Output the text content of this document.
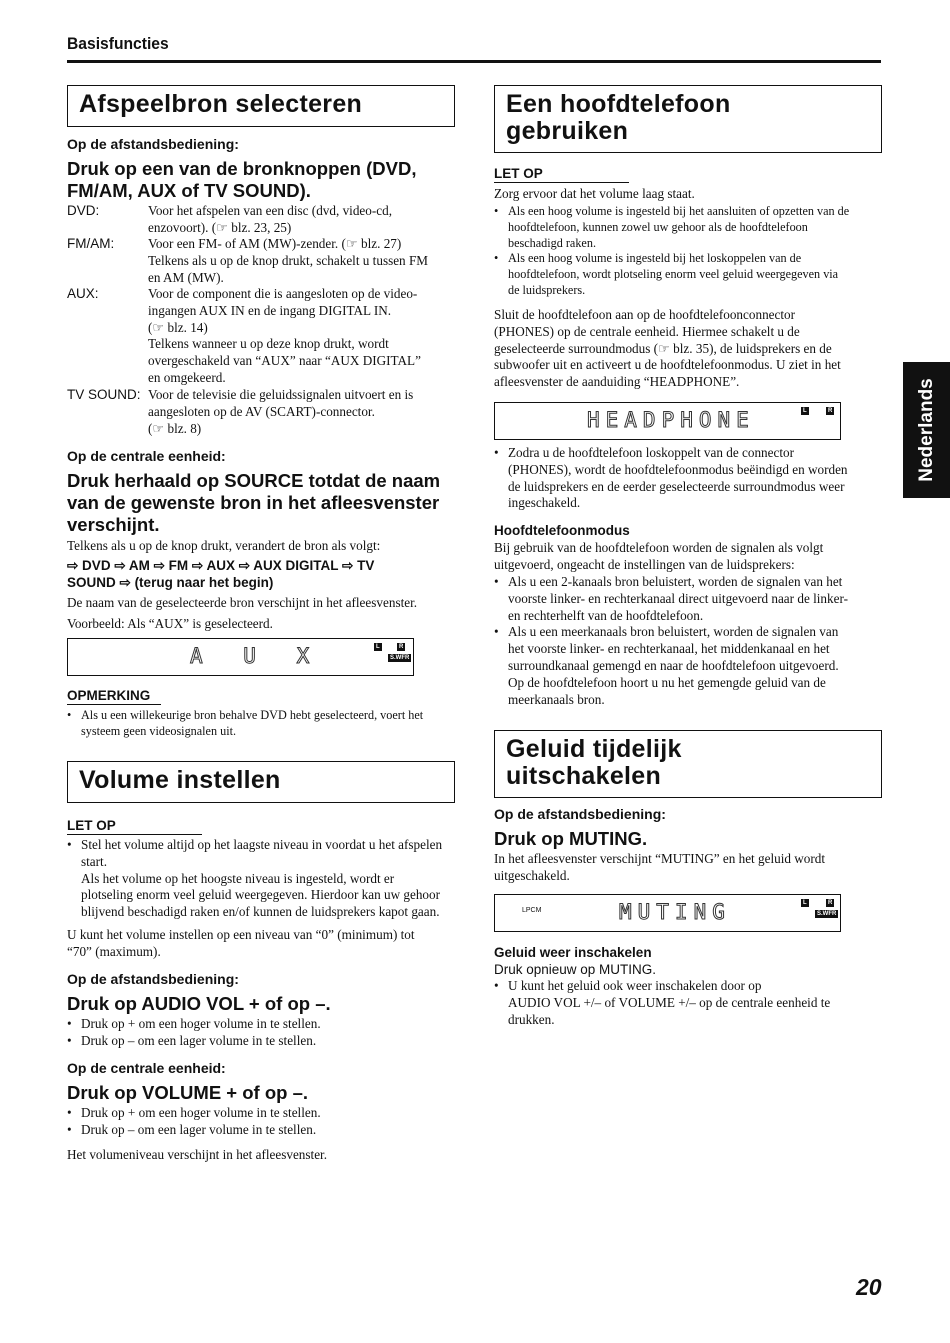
Basisfuncties
Afspeelbron selecteren
Op de afstandsbediening:
Druk op een van de bronknoppen (DVD, FM/AM, AUX of TV SOUND).
DVD:	Voor het afspelen van een disc (dvd, video-cd,
enzovoort). (☞ blz. 23, 25)
FM/AM:	Voor een FM- of AM (MW)-zender. (☞ blz. 27)
Telkens als u op de knop drukt, schakelt u tussen FM
en AM (MW).
AUX:	Voor de component die is aangesloten op de video-
ingangen AUX IN en de ingang DIGITAL IN.
(☞ blz. 14)
Telkens wanneer u op deze knop drukt, wordt
overgeschakeld van “AUX” naar “AUX DIGITAL”
en omgekeerd.
TV SOUND: Voor de televisie die geluidssignalen uitvoert en is
aangesloten op de AV (SCART)-connector.
(☞ blz. 8)
Op de centrale eenheid:
Druk herhaald op SOURCE totdat de naam van de gewenste bron in het afleesvenster verschijnt.
Telkens als u op de knop drukt, verandert de bron als volgt:
⇨ DVD ⇨ AM ⇨ FM ⇨ AUX ⇨ AUX DIGITAL ⇨ TV
SOUND ⇨ (terug naar het begin)
De naam van de geselecteerde bron verschijnt in het afleesvenster.
Voorbeeld: Als “AUX” is geselecteerd.
A U X	L	R
S.WFR
OPMERKING
• Als u een willekeurige bron behalve DVD hebt geselecteerd, voert het
systeem geen videosignalen uit.
Volume instellen
LET OP
• Stel het volume altijd op het laagste niveau in voordat u het afspelen
start.
Als het volume op het hoogste niveau is ingesteld, wordt er
plotseling enorm veel geluid weergegeven. Hierdoor kan uw gehoor
blijvend beschadigd raken en/of kunnen de luidsprekers kapot gaan.
U kunt het volume instellen op een niveau van “0” (minimum) tot
“70” (maximum).
Op de afstandsbediening:
Druk op AUDIO VOL + of op –.
• Druk op + om een hoger volume in te stellen.
• Druk op – om een lager volume in te stellen.
Op de centrale eenheid:
Druk op VOLUME + of op –.
• Druk op + om een hoger volume in te stellen.
• Druk op – om een lager volume in te stellen.
Het volumeniveau verschijnt in het afleesvenster.
Een hoofdtelefoon
gebruiken
LET OP
Zorg ervoor dat het volume laag staat.
• Als een hoog volume is ingesteld bij het aansluiten of opzetten van de
hoofdtelefoon, kunnen zowel uw gehoor als de hoofdtelefoon
beschadigd raken.
• Als een hoog volume is ingesteld bij het loskoppelen van de
hoofdtelefoon, wordt plotseling enorm veel geluid weergegeven via
de luidsprekers.
Sluit de hoofdtelefoon aan op de hoofdtelefoonconnector
(PHONES) op de centrale eenheid. Hiermee schakelt u de
geselecteerde surroundmodus (☞ blz. 35), de luidsprekers en de
subwoofer uit en activeert u de hoofdtelefoonmodus. U ziet in het
afleesvenster de aanduiding “HEADPHONE”.
HEADPHONE	L	R
• Zodra u de hoofdtelefoon loskoppelt van de connector
(PHONES), wordt de hoofdtelefoonmodus beëindigd en worden
de luidsprekers en de eerder geselecteerde surroundmodus weer
ingeschakeld.
Hoofdtelefoonmodus
Bij gebruik van de hoofdtelefoon worden de signalen als volgt
uitgevoerd, ongeacht de instellingen van de luidsprekers:
• Als u een 2-kanaals bron beluistert, worden de signalen van het
voorste linker- en rechterkanaal direct uitgevoerd naar de linker-
en rechterhelft van de hoofdtelefoon.
• Als u een meerkanaals bron beluistert, worden de signalen van
het voorste linker- en rechterkanaal, het middenkanaal en het
surroundkanaal gemengd en naar de hoofdtelefoon uitgevoerd.
Op de hoofdtelefoon hoort u nu het gemengde geluid van de
meerkanaals bron.
Geluid tijdelijk
uitschakelen
Op de afstandsbediening:
Druk op MUTING.
In het afleesvenster verschijnt “MUTING” en het geluid wordt
uitgeschakeld.
LPCM	MUTING	L	R
S.WFR
Geluid weer inschakelen
Druk opnieuw op MUTING.
• U kunt het geluid ook weer inschakelen door op
AUDIO VOL +/– of VOLUME +/– op de centrale eenheid te
drukken.
Nederlands
20
